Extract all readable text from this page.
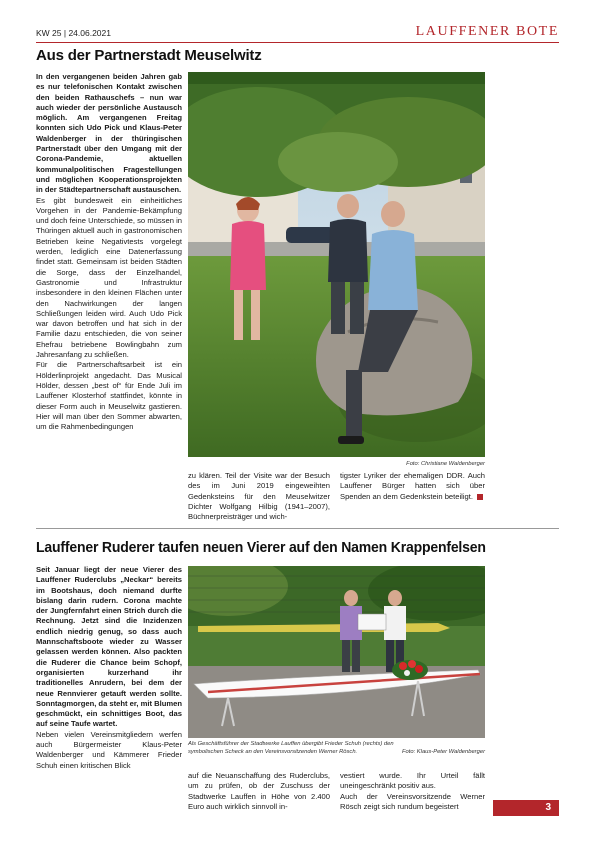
KW 25 | 24.06.2021	LAUFFENER BOTE
Aus der Partnerstadt Meuselwitz

In den vergangenen beiden Jahren gab es nur telefonischen Kontakt zwischen den beiden Rathauschefs – nun war auch wieder der persönliche Austausch möglich. Am vergangenen Freitag konnten sich Udo Pick und Klaus-Peter Waldenberger in der thüringischen Partnerstadt über den Umgang mit der Corona-Pandemie, aktuellen kommunalpolitischen Fragestellungen und möglichen Kooperationsprojekten in der Städtepartnerschaft austauschen.

Es gibt bundesweit ein einheitliches Vorgehen in der Pandemie-Bekämpfung und doch feine Unterschiede, so müssen in Thüringen aktuell auch in gastronomischen Betrieben keine Negativtests vorgelegt werden, lediglich eine Datenerfassung findet statt. Gemeinsam ist beiden Städten die Sorge, dass der Einzelhandel, Gastronomie und Infrastruktur insbesondere in den kleinen Flächen unter den Nachwirkungen der langen Schließungen leiden wird. Auch Udo Pick war davon betroffen und hat sich in der Familie dazu entschieden, die von seiner Ehefrau betriebene Bowlingbahn zum Jahresanfang zu schließen.

Für die Partnerschaftsarbeit ist ein Hölderlinprojekt angedacht. Das Musical Hölder, dessen „best of“ für Ende Juli im Lauffener Klosterhof stattfindet, könnte in dieser Form auch in Meuselwitz gastieren. Hier will man über den Sommer abwarten, um die Rahmenbedingungen

Foto: Christiane Waldenberger

zu klären. Teil der Visite war der Besuch des im Juni 2019 eingeweihten Gedenksteins für den Meuselwitzer Dichter Wolfgang Hilbig (1941–2007), Büchnerpreisträger und wich-

tigster Lyriker der ehemaligen DDR. Auch Lauffener Bürger hatten sich über Spenden an dem Gedenkstein beteiligt.

Lauffener Ruderer taufen neuen Vierer auf den Namen Krappenfelsen

Seit Januar liegt der neue Vierer des Lauffener Ruderclubs „Neckar“ bereits im Bootshaus, doch niemand durfte bislang darin rudern. Corona machte der Jungfernfahrt einen Strich durch die Rechnung. Jetzt sind die Inzidenzen endlich niedrig genug, so dass auch Mannschaftsboote wieder zu Wasser gelassen werden können. Also packten die Ruderer die Chance beim Schopf, organisierten kurzerhand ihr traditionelles Anrudern, bei dem der neue Rennvierer getauft werden sollte. Sonntagmorgen, da steht er, mit Blumen geschmückt, ein schnittiges Boot, das auf seine Taufe wartet.

Neben vielen Vereinsmitgliedern werfen auch Bürgermeister Klaus-Peter Waldenberger und Kämmerer Frieder Schuh einen kritischen Blick

Als Geschäftsführer der Stadtwerke Lauffen übergibt Frieder Schuh (rechts) den symbolischen Scheck an den Vereinsvorsitzenden Werner Rösch.	Foto: Klaus-Peter Waldenberger

auf die Neuanschaffung des Ruderclubs, um zu prüfen, ob der Zuschuss der Stadtwerke Lauffen in Höhe von 2.400 Euro auch wirklich sinnvoll in-

vestiert wurde. Ihr Urteil fällt uneingeschränkt positiv aus.

Auch der Vereinsvorsitzende Werner Rösch zeigt sich rundum begeistert	3
